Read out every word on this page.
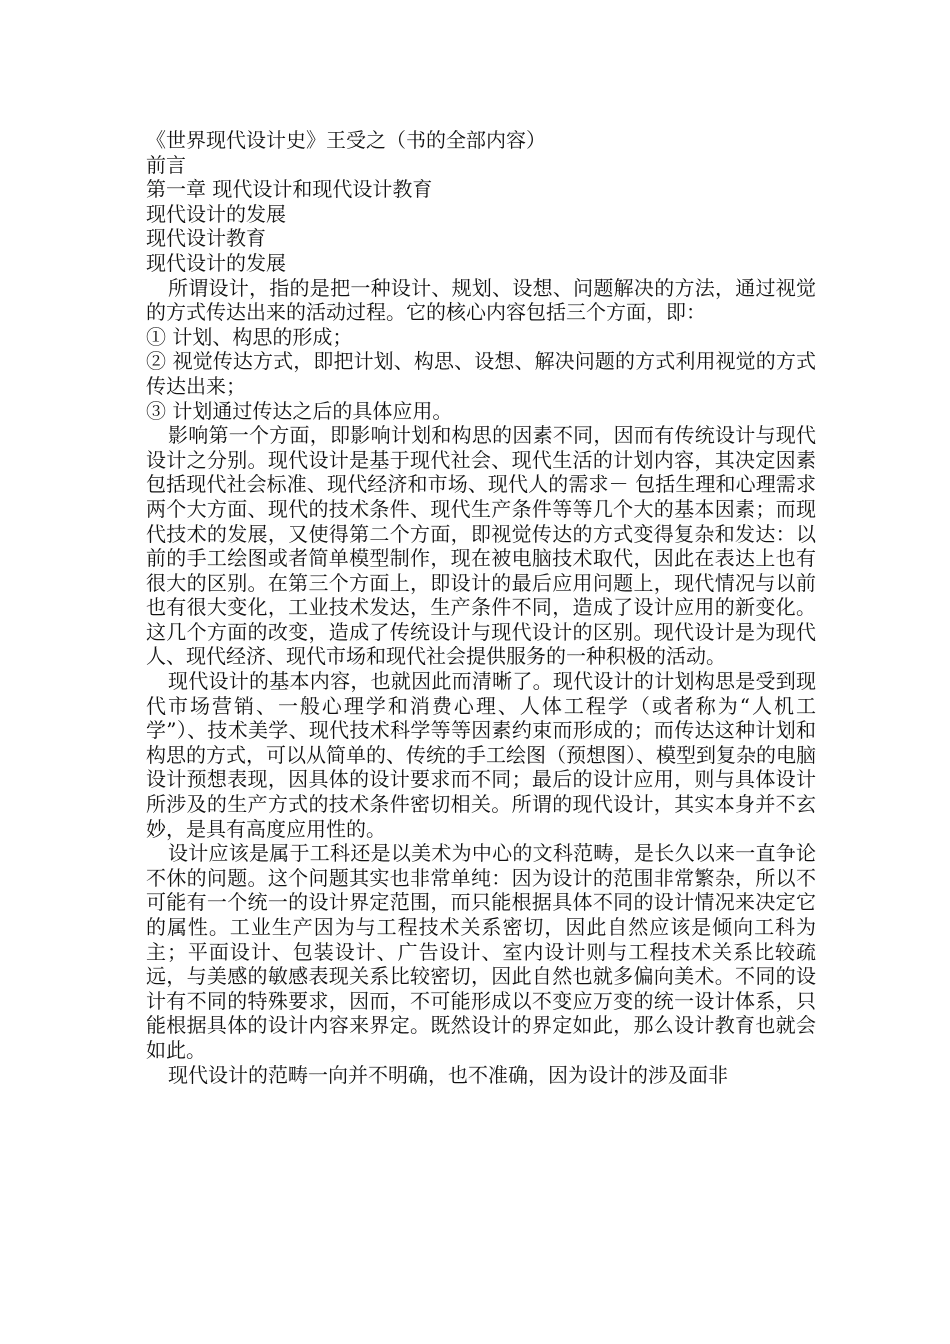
《世界现代设计史》王受之（书的全部内容）
前言
第一章 现代设计和现代设计教育
现代设计的发展
现代设计教育
现代设计的发展

所谓设计，指的是把一种设计、规划、设想、问题解决的方法，通过视觉的方式传达出来的活动过程。它的核心内容包括三个方面，即：

① 计划、构思的形成；

② 视觉传达方式，即把计划、构思、设想、解决问题的方式利用视觉的方式传达出来；

③ 计划通过传达之后的具体应用。

影响第一个方面，即影响计划和构思的因素不同，因而有传统设计与现代设计之分别。现代设计是基于现代社会、现代生活的计划内容，其决定因素包括现代社会标准、现代经济和市场、现代人的需求－ 包括生理和心理需求两个大方面、现代的技术条件、现代生产条件等等几个大的基本因素；而现代技术的发展，又使得第二个方面，即视觉传达的方式变得复杂和发达：以前的手工绘图或者简单模型制作，现在被电脑技术取代，因此在表达上也有很大的区别。在第三个方面上，即设计的最后应用问题上，现代情况与以前也有很大变化，工业技术发达，生产条件不同，造成了设计应用的新变化。这几个方面的改变，造成了传统设计与现代设计的区别。现代设计是为现代人、现代经济、现代市场和现代社会提供服务的一种积极的活动。

现代设计的基本内容，也就因此而清晰了。现代设计的计划构思是受到现代市场营销、一般心理学和消费心理、人体工程学（或者称为“人机工学”）、技术美学、现代技术科学等等因素约束而形成的；而传达这种计划和构思的方式，可以从简单的、传统的手工绘图（预想图）、模型到复杂的电脑设计预想表现，因具体的设计要求而不同；最后的设计应用，则与具体设计所涉及的生产方式的技术条件密切相关。所谓的现代设计，其实本身并不玄妙，是具有高度应用性的。

设计应该是属于工科还是以美术为中心的文科范畴，是长久以来一直争论不休的问题。这个问题其实也非常单纯：因为设计的范围非常繁杂，所以不可能有一个统一的设计界定范围，而只能根据具体不同的设计情况来决定它的属性。工业生产因为与工程技术关系密切，因此自然应该是倾向工科为主；平面设计、包装设计、广告设计、室内设计则与工程技术关系比较疏远，与美感的敏感表现关系比较密切，因此自然也就多偏向美术。不同的设计有不同的特殊要求，因而，不可能形成以不变应万变的统一设计体系，只能根据具体的设计内容来界定。既然设计的界定如此，那么设计教育也就会如此。

现代设计的范畴一向并不明确，也不准确，因为设计的涉及面非
